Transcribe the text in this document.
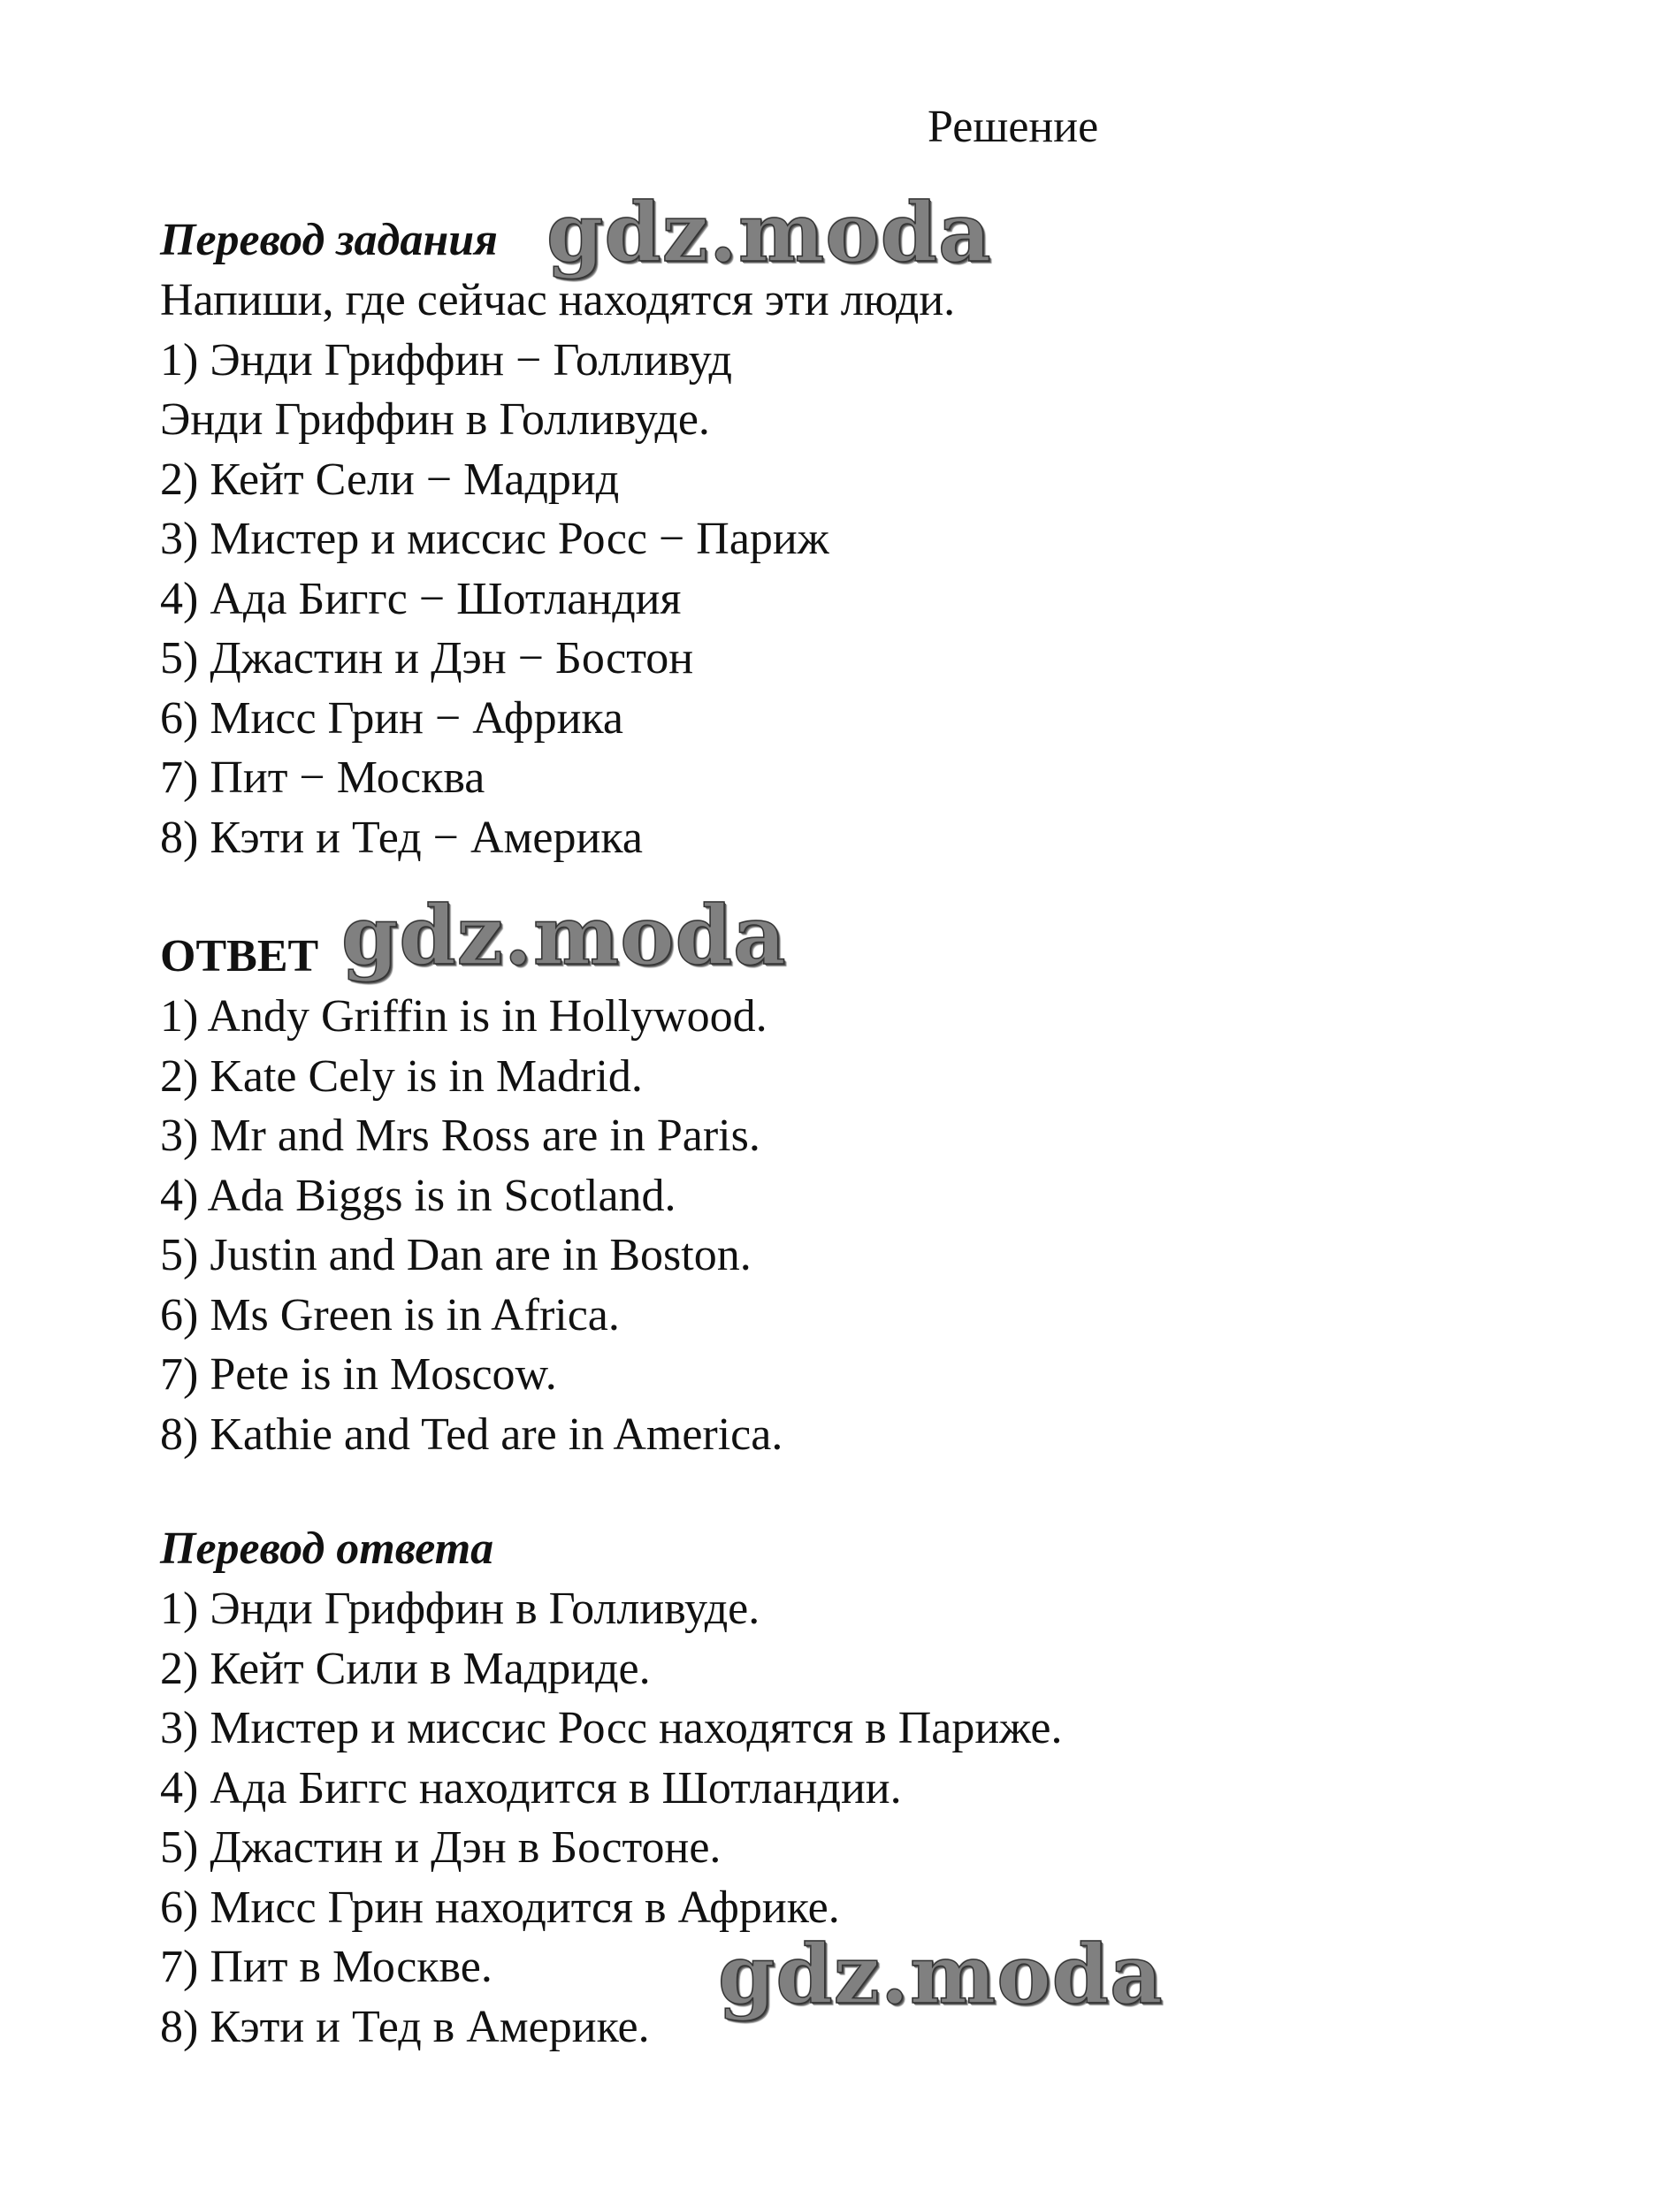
Решение
Перевод задания
Напиши, где сейчас находятся эти люди.
1) Энди Гриффин − Голливуд
Энди Гриффин в Голливуде.
2) Кейт Сели − Мадрид
3) Мистер и миссис Росс − Париж
4) Ада Биггс − Шотландия
5) Джастин и Дэн − Бостон
6) Мисс Грин − Африка
7) Пит − Москва
8) Кэти и Тед − Америка
ОТВЕТ
1) Andy Griffin is in Hollywood.
2) Kate Cely is in Madrid.
3) Mr and Mrs Ross are in Paris.
4) Ada Biggs is in Scotland.
5) Justin and Dan are in Boston.
6) Ms Green is in Africa.
7) Pete is in Moscow.
8) Kathie and Ted are in America.
Перевод ответа
1) Энди Гриффин в Голливуде.
2) Кейт Сили в Мадриде.
3) Мистер и миссис Росс находятся в Париже.
4) Ада Биггс находится в Шотландии.
5) Джастин и Дэн в Бостоне.
6) Мисс Грин находится в Африке.
7) Пит в Москве.
8) Кэти и Тед в Америке.
gdz.moda
gdz.moda
gdz.moda
